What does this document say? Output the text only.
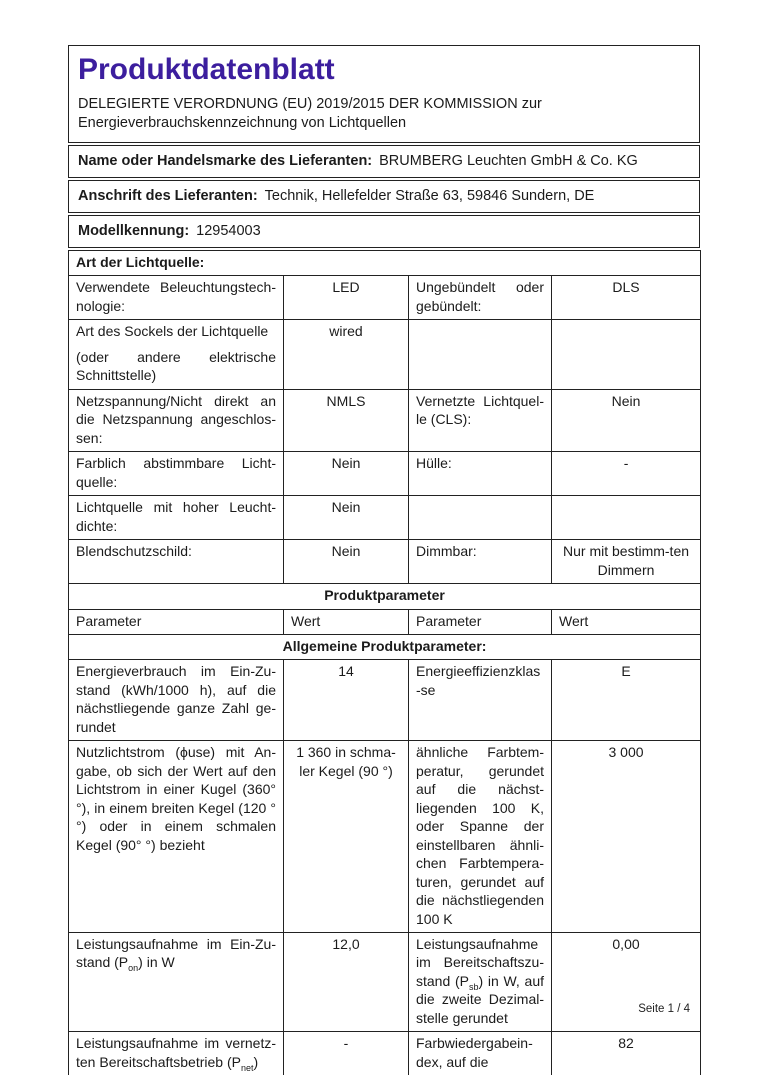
Produktdatenblatt

DELEGIERTE VERORDNUNG (EU) 2019/2015 DER KOMMISSION zur Energieverbrauchskennzeichnung von Lichtquellen

Name oder Handelsmarke des Lieferanten: BRUMBERG Leuchten GmbH & Co. KG
Anschrift des Lieferanten: Technik, Hellefelder Straße 63, 59846 Sundern, DE
Modellkennung: 12954003
Art der Lichtquelle:			
Verwendete Beleuchtungstech-nologie:	LED	Ungebündelt oder gebündelt:	DLS

Art des Sockels der Lichtquelle
(oder andere elektrische Schnittstelle)	wired		
Netzspannung/Nicht direkt an die Netzspannung angeschlos-sen:	NMLS	Vernetzte Lichtquel-le (CLS):	Nein
Farblich abstimmbare Licht-quelle:	Nein	Hülle:	-
Lichtquelle mit hoher Leucht-dichte:	Nein		
Blendschutzschild:	Nein	Dimmbar:	Nur mit bestimm-ten Dimmern
Produktparameter			
Parameter	Wert	Parameter	Wert
Allgemeine Produktparameter:			
Energieverbrauch im Ein-Zu-stand (kWh/1000 h), auf die nächstliegende ganze Zahl ge-rundet	14	Energieeffizienzklas-se	E
Nutzlichtstrom (ϕuse) mit An-gabe, ob sich der Wert auf den Lichtstrom in einer Kugel (360° °), in einem breiten Kegel (120 °°) oder in einem schmalen Kegel (90° °) bezieht	1 360 in schma-ler Kegel (90 °)	ähnliche Farbtem-peratur, gerundet auf die nächst-liegenden 100 K, oder Spanne der einstellbaren ähnli-chen Farbtempera-turen, gerundet auf die nächstliegenden 100 K	3 000
Leistungsaufnahme im Ein-Zu-stand $(P_{on})$ in W	12,0	Leistungsaufnahme im Bereitschaftszu-stand $(P_{sb})$ in W, auf die zweite Dezimal-stelle gerundet	0,00
Leistungsaufnahme im vernetz-ten Bereitschaftsbetrieb $(P_{net})$	-	Farbwiedergabein-dex, auf die	82
Seite 1 / 4
